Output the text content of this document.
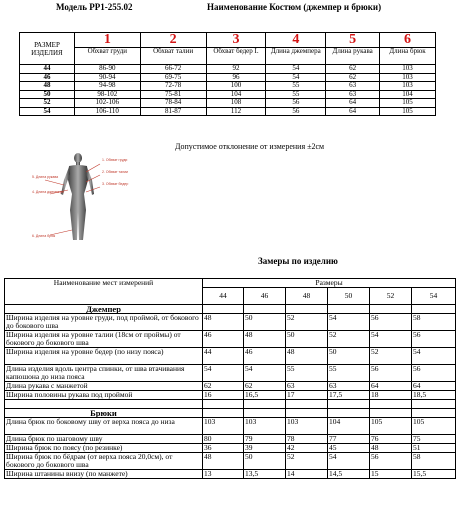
Модель РР1-255.02	Наименование Костюм (джемпер и брюки)
РАЗМЕР ИЗДЕЛИЯ	1	2	3	4	5	6
	Обхват груди	Обхват талии	Обхват бедер I.	Длина джемпера	Длина рукава	Длина брюк
44	86-90	66-72	92	54	62	103
46	90-94	69-75	96	54	62	103
48	94-98	72-78	100	55	63	103
50	98-102	75-81	104	55	63	104
52	102-106	78-84	108	56	64	105
54	106-110	81-87	112	56	64	105
Допустимое отклонение от измерения ±2см
1. Обхват груди
2. Обхват талии
3. Обхват бедер
4. Длина джемпера
5. Длина рукава
6. Длина брюк
Замеры по изделию
Наименование мест измерений	Размеры					
	44	46	48	50	52	54
Джемпер						
Ширина изделия на уровне груди, под проймой, от бокового до бокового шва	48	50	52	54	56	58
Ширина изделия на уровне талии (18см от проймы) от бокового до бокового шва	46	48	50	52	54	56
Ширина изделия на уровне бедер (по низу пояса)	44	46	48	50	52	54
Длина изделия вдоль центра спинки, от шва втачивания капюшона до низа пояса	54	54	55	55	56	56
Длина рукава с манжетой	62	62	63	63	64	64
Ширина половины рукава под проймой	16	16,5	17	17,5	18	18,5

Брюки						
Длина брюк по боковому шву от верха пояса до низа	103	103	103	104	105	105
Длина брюк по шаговому шву	80	79	78	77	76	75
Ширина брюк по поясу (по резинке)	36	39	42	45	48	51
Ширина брюк по бёдрам (от верха пояса 20,0см), от бокового до бокового шва	48	50	52	54	56	58
Ширина штанины внизу (по манжете)	13	13,5	14	14,5	15	15,5
